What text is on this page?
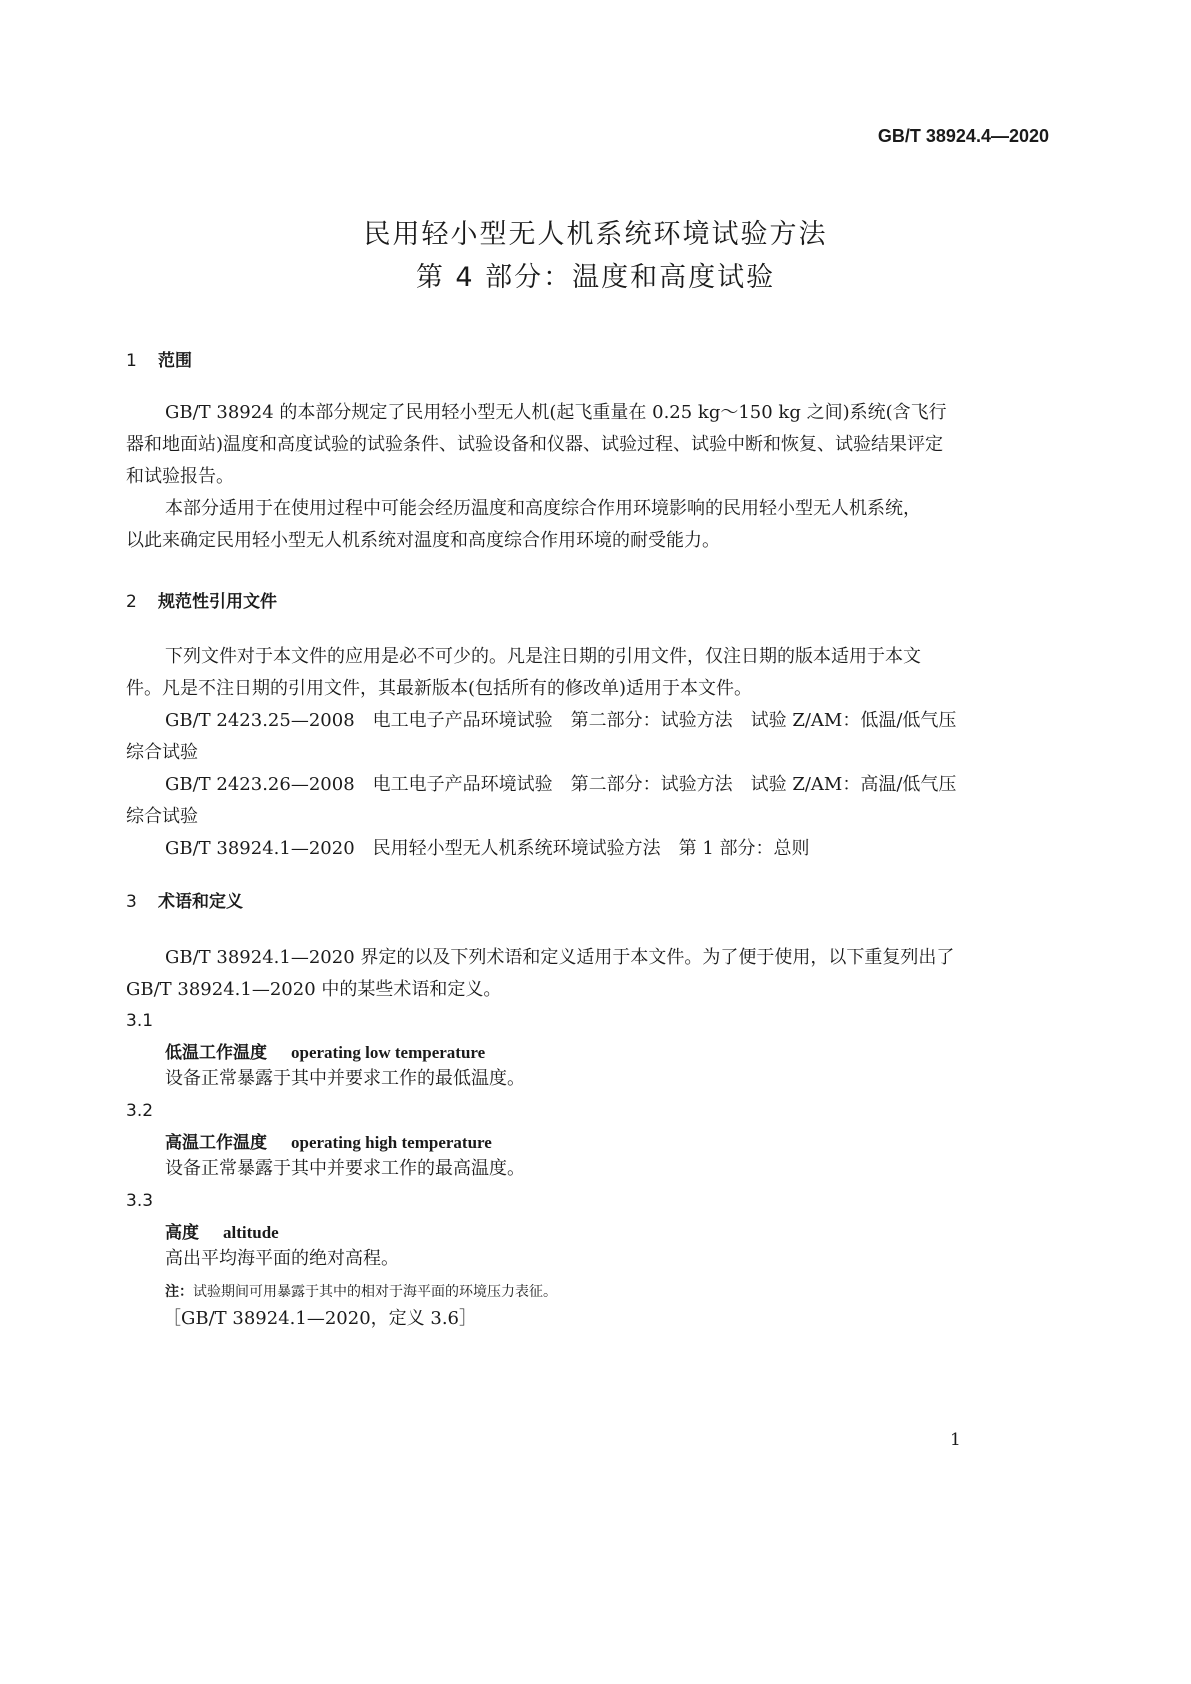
GB/T 38924.4—2020
民用轻小型无人机系统环境试验方法
第 4 部分：温度和高度试验
1 范围
GB/T 38924 的本部分规定了民用轻小型无人机(起飞重量在 0.25 kg～150 kg 之间)系统(含飞行
器和地面站)温度和高度试验的试验条件、试验设备和仪器、试验过程、试验中断和恢复、试验结果评定
和试验报告。
本部分适用于在使用过程中可能会经历温度和高度综合作用环境影响的民用轻小型无人机系统，
以此来确定民用轻小型无人机系统对温度和高度综合作用环境的耐受能力。
2 规范性引用文件
下列文件对于本文件的应用是必不可少的。凡是注日期的引用文件，仅注日期的版本适用于本文
件。凡是不注日期的引用文件，其最新版本(包括所有的修改单)适用于本文件。
GB/T 2423.25—2008　电工电子产品环境试验　第二部分：试验方法　试验 Z/AM：低温/低气压
综合试验
GB/T 2423.26—2008　电工电子产品环境试验　第二部分：试验方法　试验 Z/AM：高温/低气压
综合试验
GB/T 38924.1—2020　民用轻小型无人机系统环境试验方法　第 1 部分：总则
3 术语和定义
GB/T 38924.1—2020 界定的以及下列术语和定义适用于本文件。为了便于使用，以下重复列出了
GB/T 38924.1—2020 中的某些术语和定义。
3.1
低温工作温度 operating low temperature
设备正常暴露于其中并要求工作的最低温度。
3.2
高温工作温度 operating high temperature
设备正常暴露于其中并要求工作的最高温度。
3.3
高度 altitude
高出平均海平面的绝对高程。
注：试验期间可用暴露于其中的相对于海平面的环境压力表征。
［GB/T 38924.1—2020，定义 3.6］
1
